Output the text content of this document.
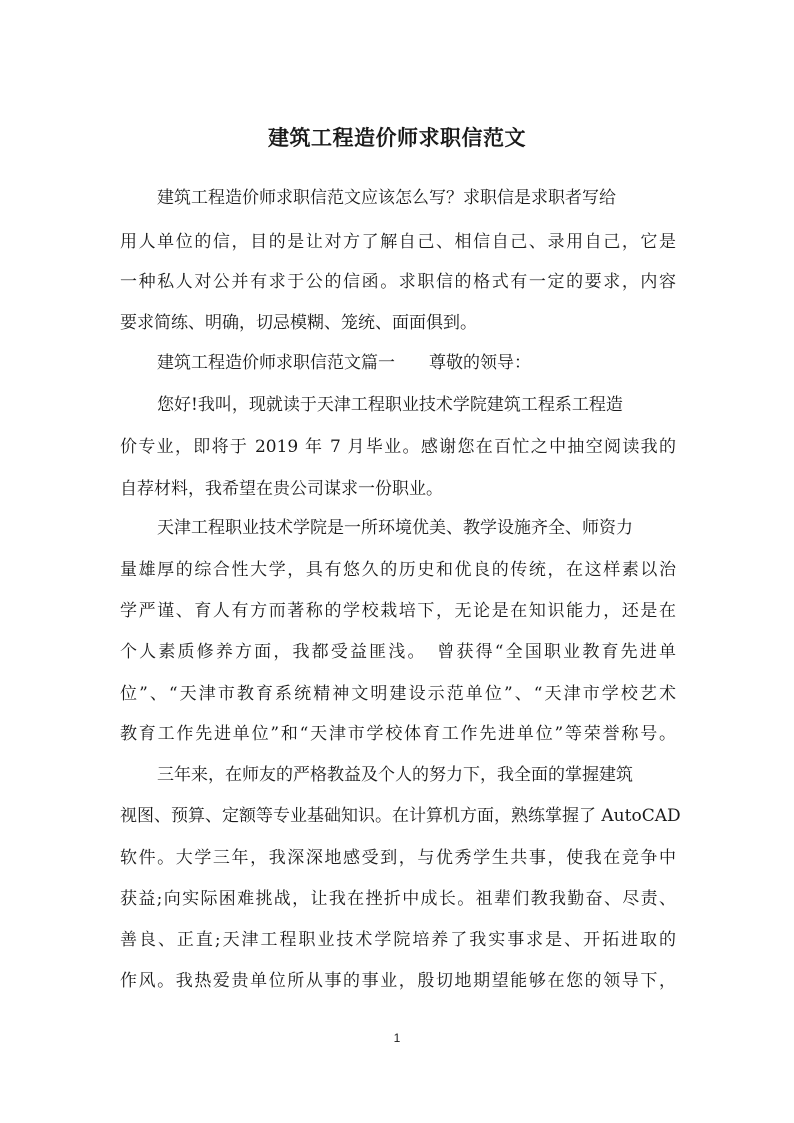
建筑工程造价师求职信范文
建筑工程造价师求职信范文应该怎么写？求职信是求职者写给
用人单位的信，目的是让对方了解自己、相信自己、录用自己，它是
一种私人对公并有求于公的信函。求职信的格式有一定的要求，内容
要求简练、明确，切忌模糊、笼统、面面俱到。
建筑工程造价师求职信范文篇一　　尊敬的领导：
您好!我叫，现就读于天津工程职业技术学院建筑工程系工程造
价专业，即将于 2019 年 7 月毕业。感谢您在百忙之中抽空阅读我的
自荐材料，我希望在贵公司谋求一份职业。
天津工程职业技术学院是一所环境优美、教学设施齐全、师资力
量雄厚的综合性大学，具有悠久的历史和优良的传统，在这样素以治
学严谨、育人有方而著称的学校栽培下，无论是在知识能力，还是在
个人素质修养方面，我都受益匪浅。　曾获得“全国职业教育先进单
位”、“天津市教育系统精神文明建设示范单位”、“天津市学校艺术
教育工作先进单位”和“天津市学校体育工作先进单位”等荣誉称号。
三年来，在师友的严格教益及个人的努力下，我全面的掌握建筑
视图、预算、定额等专业基础知识。在计算机方面，熟练掌握了 AutoCAD
软件。大学三年，我深深地感受到，与优秀学生共事，使我在竞争中
获益;向实际困难挑战，让我在挫折中成长。祖辈们教我勤奋、尽责、
善良、正直;天津工程职业技术学院培养了我实事求是、开拓进取的
作风。我热爱贵单位所从事的事业，殷切地期望能够在您的领导下，
1
